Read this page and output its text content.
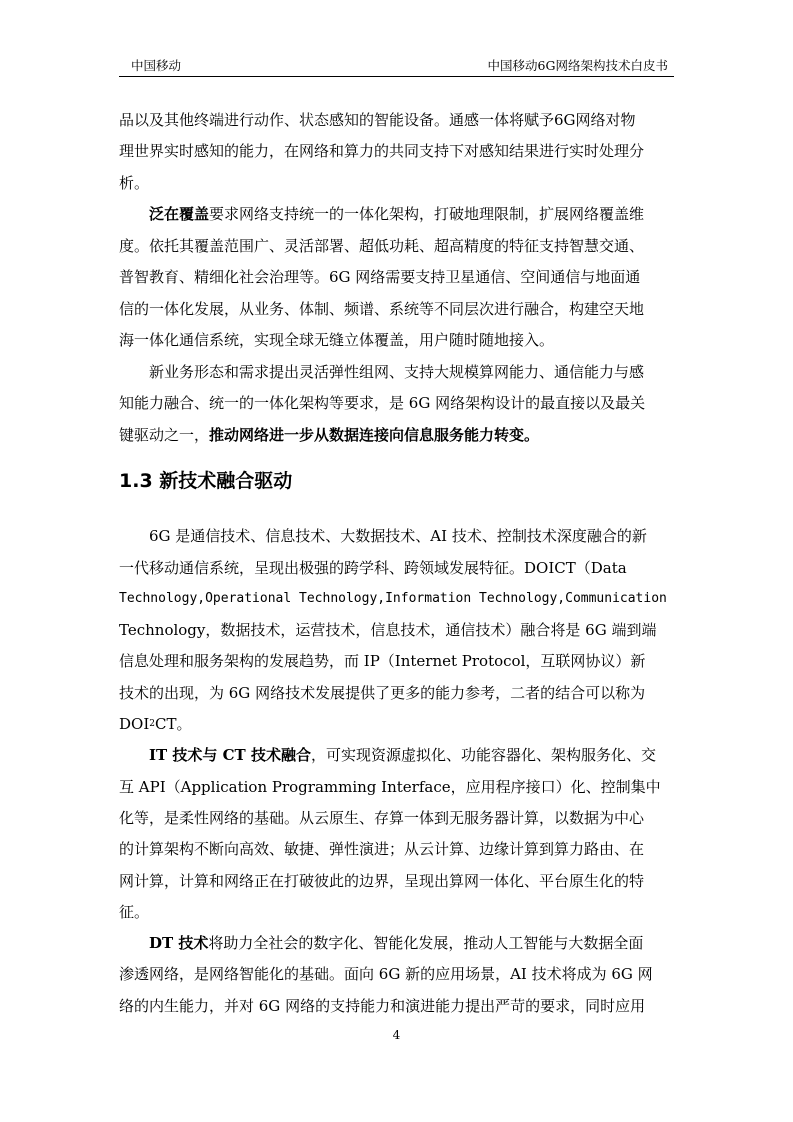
中国移动	中国移动6G网络架构技术白皮书
品以及其他终端进行动作、状态感知的智能设备。通感一体将赋予6G网络对物
理世界实时感知的能力，在网络和算力的共同支持下对感知结果进行实时处理分
析。
泛在覆盖 要求网络支持统一的一体化架构，打破地理限制，扩展网络覆盖维
度。依托其覆盖范围广、灵活部署、超低功耗、超高精度的特征支持智慧交通、
普智教育、精细化社会治理等。6G 网络需要支持卫星通信、空间通信与地面通
信的一体化发展，从业务、体制、频谱、系统等不同层次进行融合，构建空天地
海一体化通信系统，实现全球无缝立体覆盖，用户随时随地接入。
新业务形态和需求提出灵活弹性组网、支持大规模算网能力、通信能力与感
知能力融合、统一的一体化架构等要求，是 6G 网络架构设计的最直接以及最关
键驱动之一， 推动网络进一步从数据连接向信息服务能力转变。
1.3 新技术融合驱动
6G 是通信技术、信息技术、大数据技术、AI 技术、控制技术深度融合的新
一代移动通信系统，呈现出极强的跨学科、跨领域发展特征。DOICT（Data
Technology,Operational Technology,Information Technology,Communication
Technology，数据技术，运营技术，信息技术，通信技术）融合将是 6G 端到端
信息处理和服务架构的发展趋势，而 IP（Internet Protocol，互联网协议）新
技术的出现，为 6G 网络技术发展提供了更多的能力参考，二者的结合可以称为
DOI 2 CT。
IT 技术与 CT 技术融合 ，可实现资源虚拟化、功能容器化、架构服务化、交
互 API（Application Programming Interface，应用程序接口）化、控制集中
化等，是柔性网络的基础。从云原生、存算一体到无服务器计算，以数据为中心
的计算架构不断向高效、敏捷、弹性演进；从云计算、边缘计算到算力路由、在
网计算，计算和网络正在打破彼此的边界，呈现出算网一体化、平台原生化的特
征。
DT 技术 将助力全社会的数字化、智能化发展，推动人工智能与大数据全面
渗透网络，是网络智能化的基础。面向 6G 新的应用场景，AI 技术将成为 6G 网
络的内生能力，并对 6G 网络的支持能力和演进能力提出严苛的要求，同时应用
4
